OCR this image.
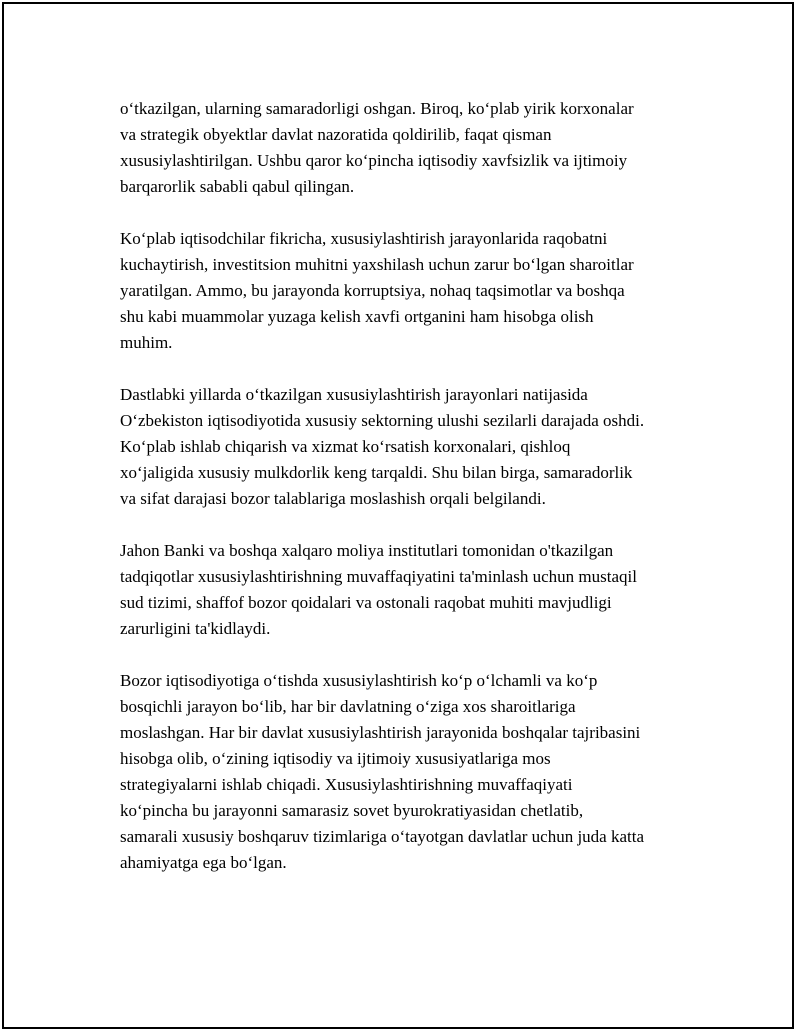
o‘tkazilgan, ularning samaradorligi oshgan. Biroq, ko‘plab yirik korxonalar
va strategik obyektlar davlat nazoratida qoldirilib, faqat qisman
xususiylashtirilgan. Ushbu qaror ko‘pincha iqtisodiy xavfsizlik va ijtimoiy
barqarorlik sababli qabul qilingan.

Ko‘plab iqtisodchilar fikricha, xususiylashtirish jarayonlarida raqobatni
kuchaytirish, investitsion muhitni yaxshilash uchun zarur bo‘lgan sharoitlar
yaratilgan. Ammo, bu jarayonda korruptsiya, nohaq taqsimotlar va boshqa
shu kabi muammolar yuzaga kelish xavfi ortganini ham hisobga olish
muhim.

Dastlabki yillarda o‘tkazilgan xususiylashtirish jarayonlari natijasida
O‘zbekiston iqtisodiyotida xususiy sektorning ulushi sezilarli darajada oshdi.
Ko‘plab ishlab chiqarish va xizmat ko‘rsatish korxonalari, qishloq
xo‘jaligida xususiy mulkdorlik keng tarqaldi. Shu bilan birga, samaradorlik
va sifat darajasi bozor talablariga moslashish orqali belgilandi.

Jahon Banki va boshqa xalqaro moliya institutlari tomonidan o'tkazilgan
tadqiqotlar xususiylashtirishning muvaffaqiyatini ta'minlash uchun mustaqil
sud tizimi, shaffof bozor qoidalari va ostonali raqobat muhiti mavjudligi
zarurligini ta'kidlaydi.

Bozor iqtisodiyotiga o‘tishda xususiylashtirish ko‘p o‘lchamli va ko‘p
bosqichli jarayon bo‘lib, har bir davlatning o‘ziga xos sharoitlariga
moslashgan. Har bir davlat xususiylashtirish jarayonida boshqalar tajribasini
hisobga olib, o‘zining iqtisodiy va ijtimoiy xususiyatlariga mos
strategiyalarni ishlab chiqadi. Xususiylashtirishning muvaffaqiyati
ko‘pincha bu jarayonni samarasiz sovet byurokratiyasidan chetlatib,
samarali xususiy boshqaruv tizimlariga o‘tayotgan davlatlar uchun juda katta
ahamiyatga ega bo‘lgan.
